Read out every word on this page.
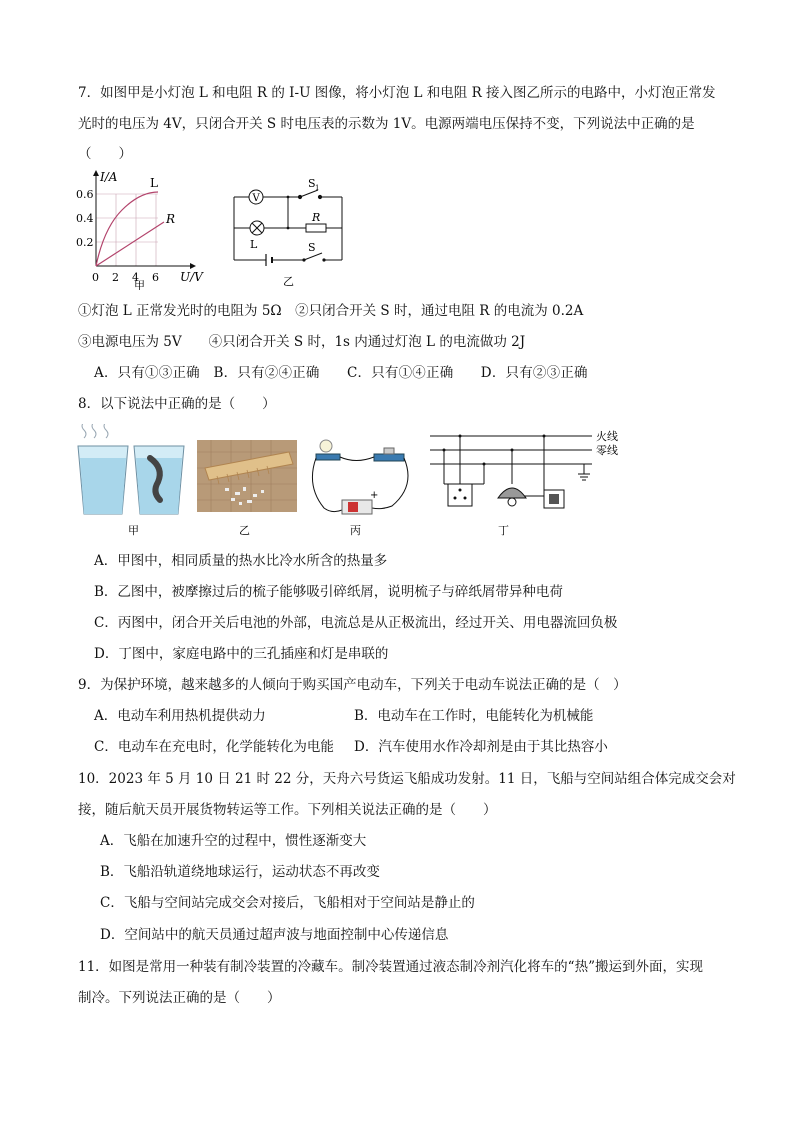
7．如图甲是小灯泡 L 和电阻 R 的 I-U 图像，将小灯泡 L 和电阻 R 接入图乙所示的电路中，小灯泡正常发
光时的电压为 4V，只闭合开关 S 时电压表的示数为 1V。电源两端电压保持不变，下列说法中正确的是
（　　）
I/A
0.6
0.4
0.2
0 2 4 6 U/V
L
R
甲
V
S 1
R
L	S
乙
①灯泡 L 正常发光时的电阻为 5Ω　②只闭合开关 S 时，通过电阻 R 的电流为 0.2A
③电源电压为 5V　　④只闭合开关 S 时，1s 内通过灯泡 L 的电流做功 2J
A．只有①③正确　B．只有②④正确　　C．只有①④正确　　D．只有②③正确
8．以下说法中正确的是（　　）
甲	乙
+
丙
火线
零线
丁
A．甲图中，相同质量的热水比冷水所含的热量多
B．乙图中，被摩擦过后的梳子能够吸引碎纸屑，说明梳子与碎纸屑带异种电荷
C．丙图中，闭合开关后电池的外部，电流总是从正极流出，经过开关、用电器流回负极
D．丁图中，家庭电路中的三孔插座和灯是串联的
9．为保护环境，越来越多的人倾向于购买国产电动车，下列关于电动车说法正确的是（　）
A．电动车利用热机提供动力	B．电动车在工作时，电能转化为机械能
C．电动车在充电时，化学能转化为电能 D．汽车使用水作冷却剂是由于其比热容小
10．2023 年 5 月 10 日 21 时 22 分，天舟六号货运飞船成功发射。11 日，飞船与空间站组合体完成交会对
接，随后航天员开展货物转运等工作。下列相关说法正确的是（　　）
A．飞船在加速升空的过程中，惯性逐渐变大
B．飞船沿轨道绕地球运行，运动状态不再改变
C．飞船与空间站完成交会对接后，飞船相对于空间站是静止的
D．空间站中的航天员通过超声波与地面控制中心传递信息
11．如图是常用一种装有制冷装置的冷藏车。制冷装置通过液态制冷剂汽化将车的“热”搬运到外面，实现
制冷。下列说法正确的是（　　）
